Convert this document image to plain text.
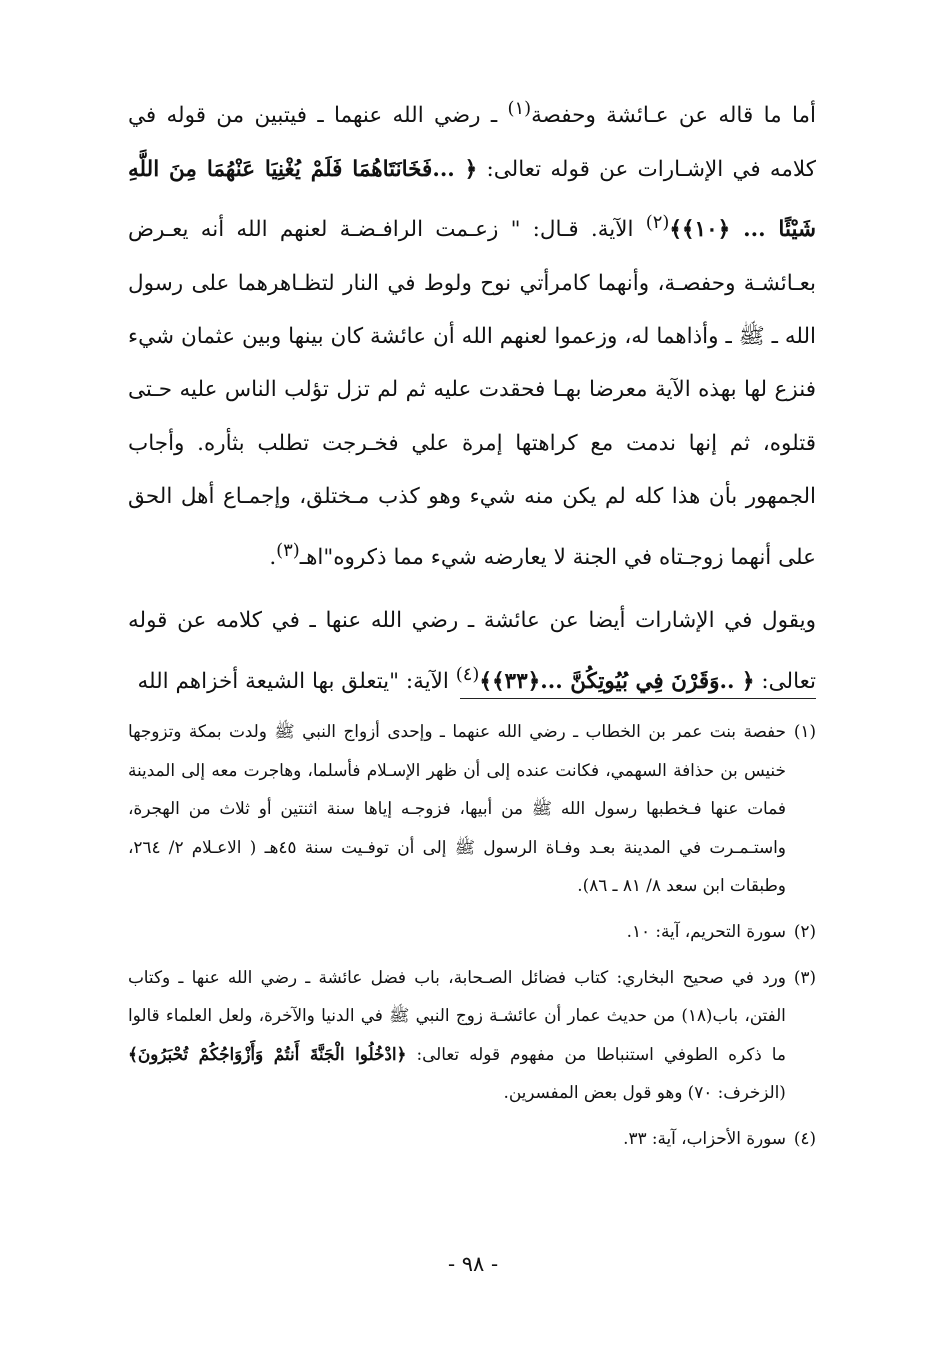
أما ما قاله عن عـائشة وحفصة$^{(١)}$ ـ رضي الله عنهما ـ فيتبين من قوله في كلامه في الإشـارات عن قوله تعالى: ﴿ ...فَخَانَتَاهُمَا فَلَمْ يُغْنِيَا عَنْهُمَا مِنَ اللَّهِ شَيْئًا ... ﴿١٠﴾﴾$^{(٢)}$ الآية. قـال: " زعـمت الرافـضـة لعنهم الله أنه يعـرض بعـائشـة وحفصـة، وأنهما كامرأتي نوح ولوط في النار لتظـاهرهما على رسول الله ـ ﷺ ـ وأذاهما له، وزعموا لعنهم الله أن عائشة كان بينها وبين عثمان شيء فنزع لها بهذه الآية معرضا بهـا فحقدت عليه ثم لم تزل تؤلب الناس عليه حـتى قتلوه، ثم إنها ندمت مع كراهتها إمرة علي فخـرجت تطلب بثأره. وأجاب الجمهور بأن هذا كله لم يكن منه شيء وهو كذب مـختلق، وإجمـاع أهل الحق على أنهما زوجـتاه في الجنة لا يعارضه شيء مما ذكروه"اهـ$^{(٣)}$.

ويقول في الإشارات أيضا عن عائشة ـ رضي الله عنها ـ في كلامه عن قوله تعالى: ﴿ ..وَقَرْنَ فِي بُيُوتِكُنَّ ...﴿٣٣﴾﴾$^{(٤)}$ الآية: "يتعلق بها الشيعة أخزاهم الله

(١)
حفصة بنت عمر بن الخطاب ـ رضي الله عنهما ـ وإحدى أزواج النبي ﷺ ولدت بمكة وتزوجها خنيس بن حذافة السهمي، فكانت عنده إلى أن ظهر الإسـلام فأسلما، وهاجرت معه إلى المدينة فمات عنها فـخطبها رسول الله ﷺ من أبيها، فزوجـه إياها سنة اثنتين أو ثلاث من الهجرة، واستـمـرت في المدينة بعـد وفـاة الرسول ﷺ إلى أن توفـيت سنة ٤٥هـ ( الاعـلام ٢/ ٢٦٤، وطبقات ابن سعد ٨/ ٨١ ـ ٨٦).
(٢)
سورة التحريم، آية: ١٠.
(٣)
ورد في صحيح البخاري: كتاب فضائل الصـحابة، باب فضل عائشة ـ رضي الله عنها ـ وكتاب الفتن، باب(١٨) من حديث عمار أن عائشـة زوج النبي ﷺ في الدنيا والآخرة، ولعل العلماء قالوا ما ذكره الطوفي استنباطا من مفهوم قوله تعالى: ﴿ادْخُلُوا الْجَنَّةَ أَنتُمْ وَأَزْوَاجُكُمْ تُحْبَرُونَ﴾ (الزخرف: ٧٠) وهو قول بعض المفسرين.
(٤)
سورة الأحزاب، آية: ٣٣.
- ٩٨ -
